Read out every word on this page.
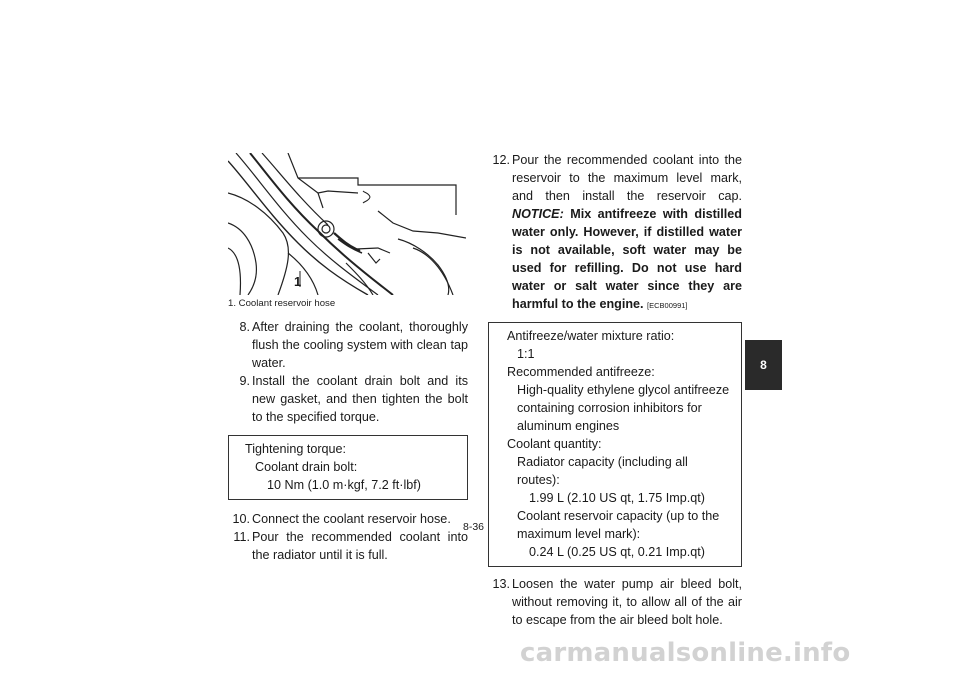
1
1. Coolant reservoir hose

8. After draining the coolant, thoroughly flush the cooling system with clean tap water.

9. Install the coolant drain bolt and its new gasket, and then tighten the bolt to the specified torque.

Tightening torque:

Coolant drain bolt:

10 Nm (1.0 m·kgf, 7.2 ft·lbf)

10. Connect the coolant reservoir hose.

11. Pour the recommended coolant into the radiator until it is full.

12. Pour the recommended coolant into the reservoir to the maximum level mark, and then install the reservoir cap. NOTICE: Mix antifreeze with distilled water only. However, if distilled water is not available, soft water may be used for refilling. Do not use hard water or salt water since they are harmful to the engine. [ECB00991]

Antifreeze/water mixture ratio:

1:1

Recommended antifreeze:

High-quality ethylene glycol antifreeze containing corrosion inhibitors for aluminum engines

Coolant quantity:

Radiator capacity (including all routes):

1.99 L (2.10 US qt, 1.75 Imp.qt)

Coolant reservoir capacity (up to the maximum level mark):

0.24 L (0.25 US qt, 0.21 Imp.qt)

13. Loosen the water pump air bleed bolt, without removing it, to allow all of the air to escape from the air bleed bolt hole.

8
8-36
carmanualsonline.info
